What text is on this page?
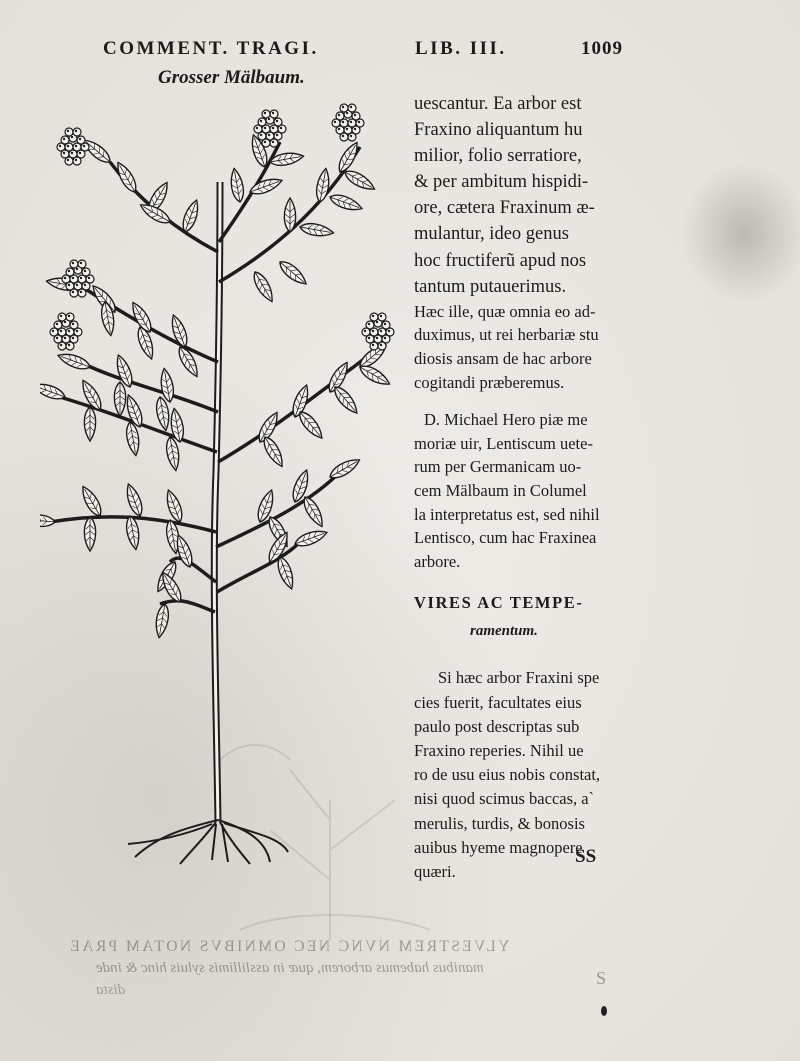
COMMENT. TRAGI.	LIB. III.	1009
Grosser Mälbaum.

uescantur. Ea arbor est
Fraxino aliquantum hu
milior, folio serratiore,
& per ambitum hispidi-
ore, cætera Fraxinum æ-
mulantur, ideo genus
hoc fructiferũ apud nos
tantum putauerimus.

Hæc ille, quæ omnia eo ad-
duximus, ut rei herbariæ stu
diosis ansam de hac arbore
cogitandi præberemus.

D. Michael Hero piæ me
moriæ uir, Lentiscum uete-
rum per Germanicam uo-
cem Mälbaum in Columel
la interpretatus est, sed nihil
Lentisco, cum hac Fraxinea
arbore.

VIRES AC TEMPE-

ramentum.

Si hæc arbor Fraxini spe
cies fuerit, facultates eius
paulo post descriptas sub
Fraxino reperies. Nihil ue
ro de usu eius nobis constat,
nisi quod scimus baccas, a`
merulis, turdis, & bonosis
auibus hyeme magnopere
quæri.

SS
YLVESTREM NVNC NEC OMNIBVS NOTAM PRAE
manibus habemus arborem, quæ in asslillimis syluis hinc & inde
dista
S
